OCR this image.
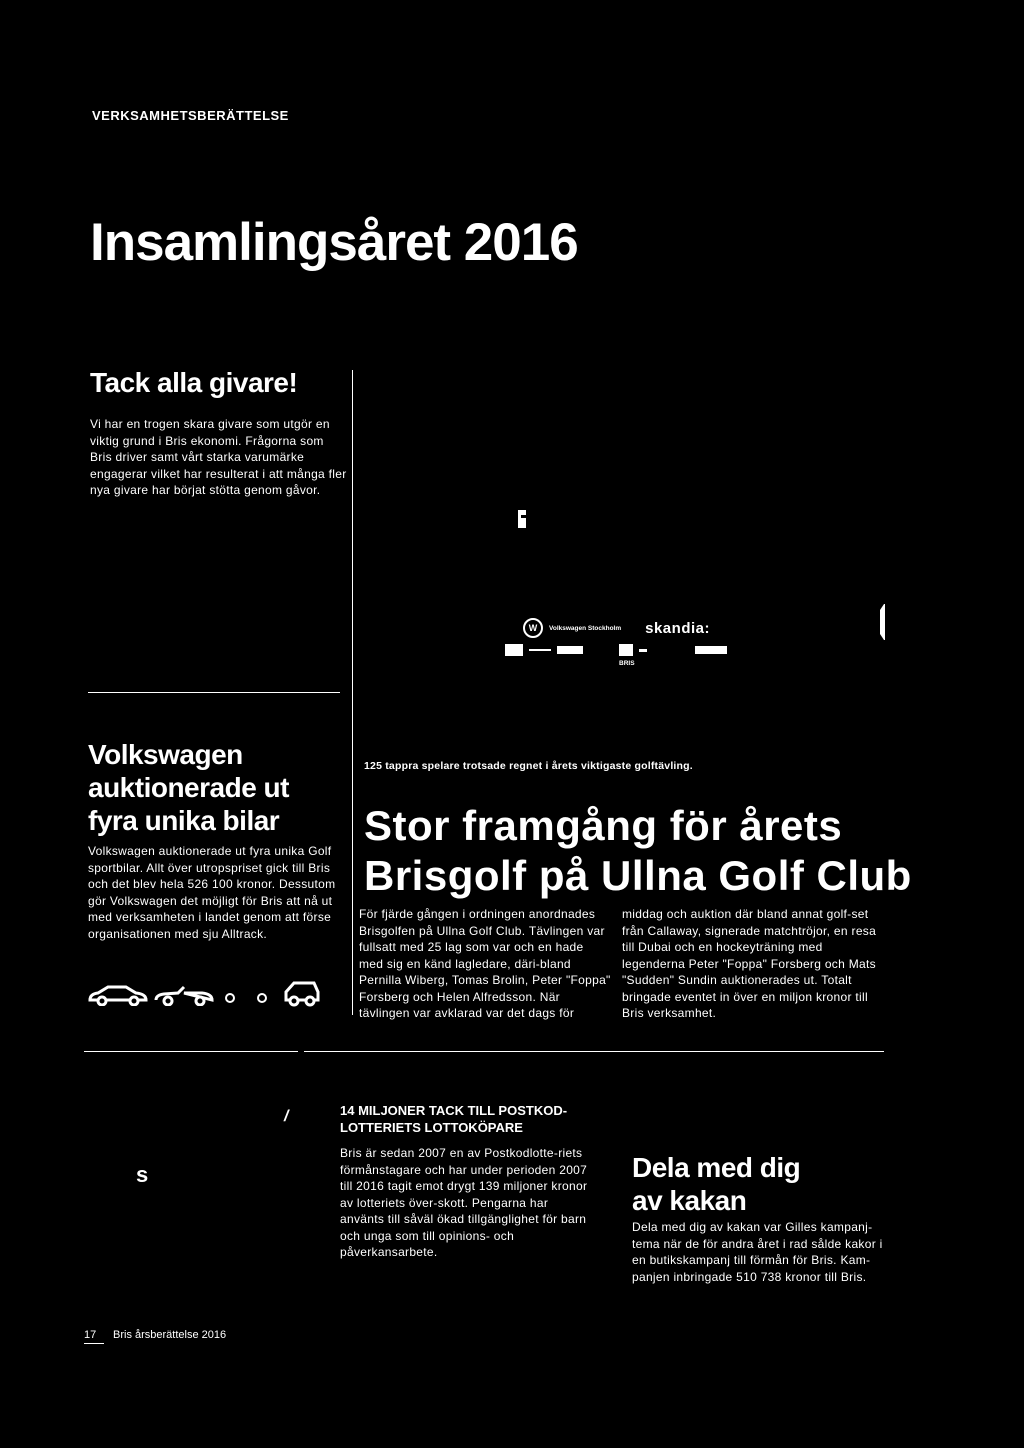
VERKSAMHETSBERÄTTELSE
Insamlingsåret 2016
Tack alla givare!

Vi har en trogen skara givare som utgör en viktig grund i Bris ekonomi. Frågorna som Bris driver samt vårt starka varumärke engagerar vilket har resulterat i att många fler nya givare har börjat stötta genom gåvor.

W	Volkswagen Stockholm skandia:
BRIS
Volkswagen
auktionerade ut
fyra unika bilar

Volkswagen auktionerade ut fyra unika Golf sportbilar. Allt över utropspriset gick till Bris och det blev hela 526 100 kronor. Dessutom gör Volkswagen det möjligt för Bris att nå ut med verksamheten i landet genom att förse organisationen med sju Alltrack.

125 tappra spelare trotsade regnet i årets viktigaste golftävling.
Stor framgång för årets
Brisgolf på Ullna Golf Club

För fjärde gången i ordningen anordnades Brisgolfen på Ullna Golf Club. Tävlingen var fullsatt med 25 lag som var och en hade med sig en känd lagledare, däri-bland Pernilla Wiberg, Tomas Brolin, Peter "Foppa" Forsberg och Helen Alfredsson. När tävlingen var avklarad var det dags för

middag och auktion där bland annat golf-set från Callaway, signerade matchtröjor, en resa till Dubai och en hockeyträning med legenderna Peter "Foppa" Forsberg och Mats "Sudden" Sundin auktionerades ut. Totalt bringade eventet in över en miljon kronor till Bris verksamhet.

/
s
14 MILJONER TACK TILL POSTKOD-LOTTERIETS LOTTOKÖPARE

Bris är sedan 2007 en av Postkodlotte-riets förmånstagare och har under perioden 2007 till 2016 tagit emot drygt 139 miljoner kronor av lotteriets över-skott. Pengarna har använts till såväl ökad tillgänglighet för barn och unga som till opinions- och påverkansarbete.

Dela med dig
av kakan

Dela med dig av kakan var Gilles kampanj-tema när de för andra året i rad sålde kakor i en butikskampanj till förmån för Bris. Kam-panjen inbringade 510 738 kronor till Bris.

17 Bris årsberättelse 2016
